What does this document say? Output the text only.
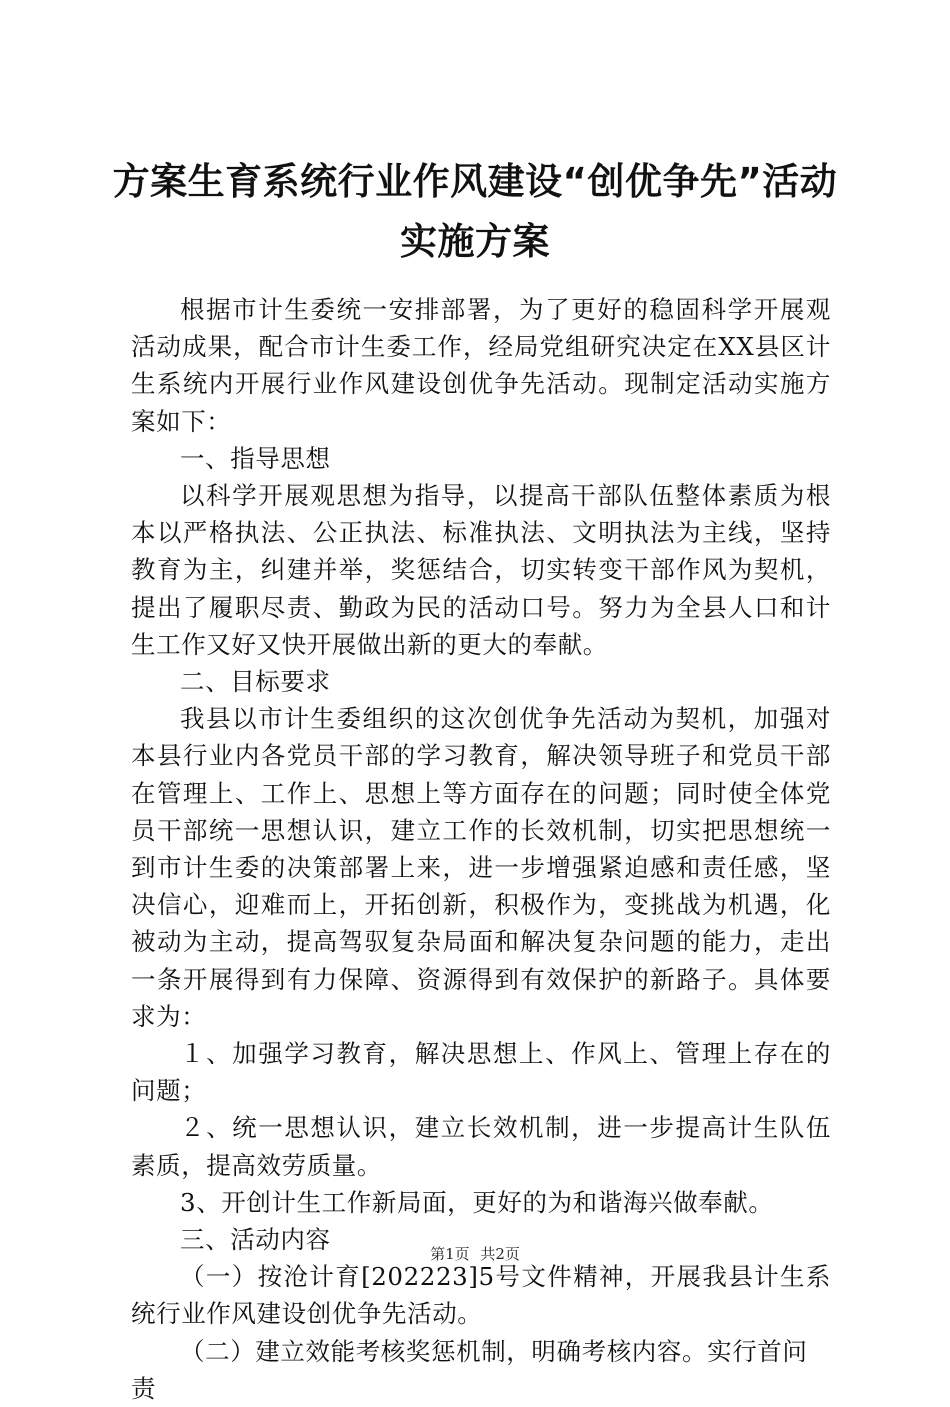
方案生育系统行业作风建设“创优争先”活动
实施方案

根据市计生委统一安排部署，为了更好的稳固科学开展观活动成果，配合市计生委工作，经局党组研究决定在XX县区计生系统内开展行业作风建设创优争先活动。现制定活动实施方案如下：

一、指导思想

以科学开展观思想为指导，以提高干部队伍整体素质为根本以严格执法、公正执法、标准执法、文明执法为主线，坚持教育为主，纠建并举，奖惩结合，切实转变干部作风为契机，提出了履职尽责、勤政为民的活动口号。努力为全县人口和计生工作又好又快开展做出新的更大的奉献。

二、目标要求

我县以市计生委组织的这次创优争先活动为契机，加强对本县行业内各党员干部的学习教育，解决领导班子和党员干部在管理上、工作上、思想上等方面存在的问题；同时使全体党员干部统一思想认识，建立工作的长效机制，切实把思想统一到市计生委的决策部署上来，进一步增强紧迫感和责任感，坚决信心，迎难而上，开拓创新，积极作为，变挑战为机遇，化被动为主动，提高驾驭复杂局面和解决复杂问题的能力，走出一条开展得到有力保障、资源得到有效保护的新路子。具体要求为：

１、加强学习教育，解决思想上、作风上、管理上存在的问题；

２、统一思想认识，建立长效机制，进一步提高计生队伍素质，提高效劳质量。

3、开创计生工作新局面，更好的为和谐海兴做奉献。

三、活动内容

（一）按沧计育[202223]5号文件精神，开展我县计生系统行业作风建设创优争先活动。

（二）建立效能考核奖惩机制，明确考核内容。实行首问责

第1页 共2页
